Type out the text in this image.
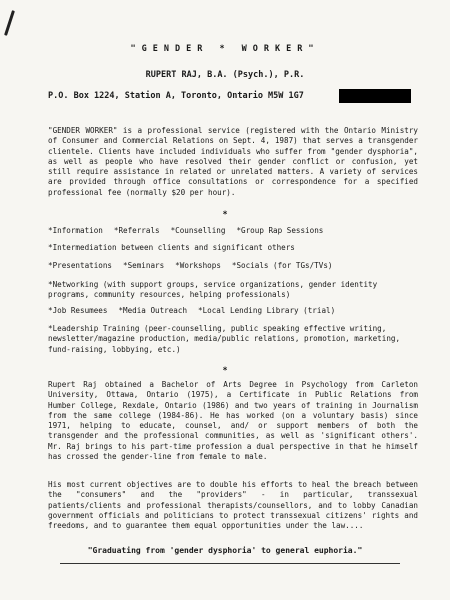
"GENDER * WORKER"
RUPERT RAJ, B.A. (Psych.), P.R.
P.O. Box 1224, Station A, Toronto, Ontario M5W 1G7

"GENDER WORKER" is a professional service (registered with the Ontario Ministry of Consumer and Commercial Relations on Sept. 4, 1987) that serves a transgender clientele. Clients have included individuals who suffer from "gender dysphoria", as well as people who have resolved their gender conflict or confusion, yet still require assistance in related or unrelated matters. A variety of services are provided through office consultations or correspondence for a specified professional fee (normally $20 per hour).

*
*Information *Referrals *Counselling *Group Rap Sessions

*Intermediation between clients and significant others

*Presentations *Seminars *Workshops *Socials (for TGs/TVs)

*Networking (with support groups, service organizations, gender identity programs, community resources, helping professionals)

*Job Resumees *Media Outreach *Local Lending Library (trial)

*Leadership Training (peer-counselling, public speaking effective writing, newsletter/magazine production, media/public relations, promotion, marketing, fund-raising, lobbying, etc.)

*

Rupert Raj obtained a Bachelor of Arts Degree in Psychology from Carleton University, Ottawa, Ontario (1975), a Certificate in Public Relations from Humber College, Rexdale, Ontario (1986) and two years of training in Journalism from the same college (1984-86). He has worked (on a voluntary basis) since 1971, helping to educate, counsel, and/ or support members of both the transgender and the professional communities, as well as 'significant others'. Mr. Raj brings to his part-time profession a dual perspective in that he himself has crossed the gender-line from female to male.

His most current objectives are to double his efforts to heal the breach between the "consumers" and the "providers" - in particular, transsexual patients/clients and professional therapists/counsellors, and to lobby Canadian government officials and politicians to protect transsexual citizens' rights and freedoms, and to guarantee them equal opportunities under the law....

"Graduating from 'gender dysphoria' to general euphoria."
